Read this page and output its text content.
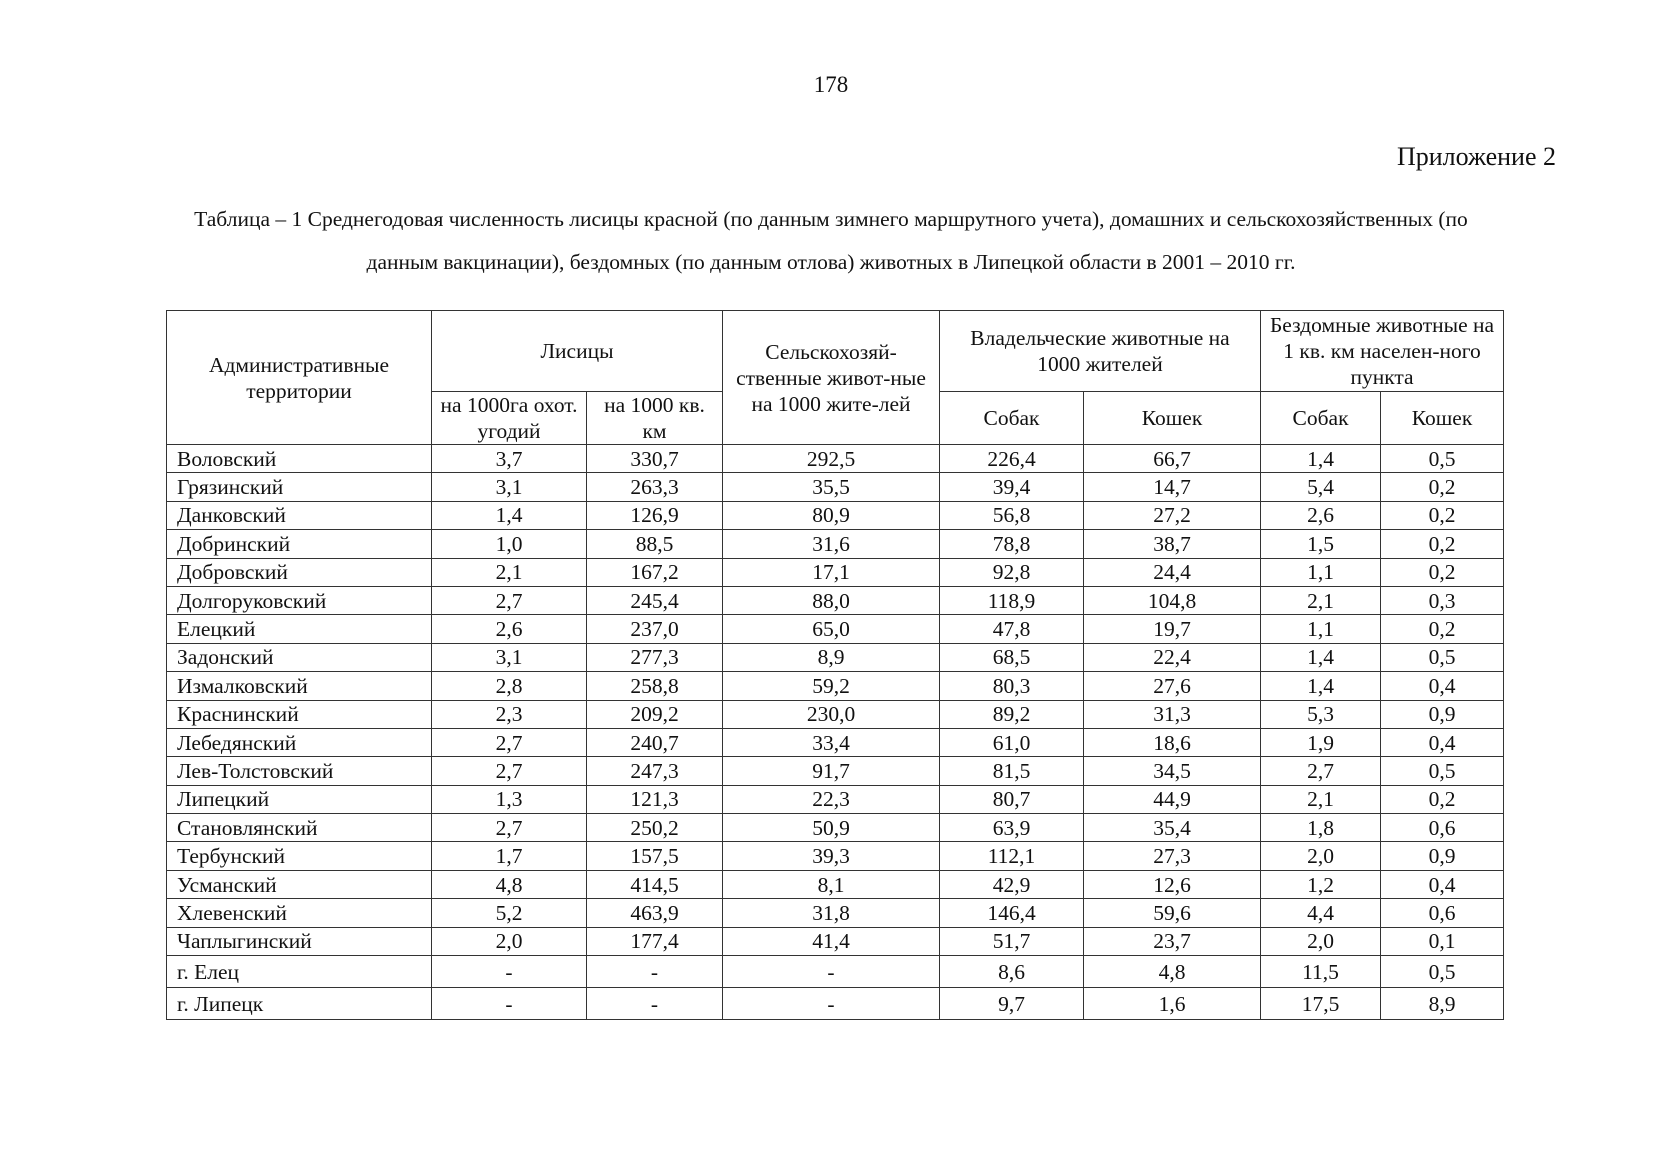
178
Приложение 2
Таблица – 1 Среднегодовая численность лисицы красной (по данным зимнего маршрутного учета), домашних и сельскохозяйственных (по
данным вакцинации), бездомных (по данным отлова) животных в Липецкой области в 2001 – 2010 гг.
Административные территории	Лисицы		Сельскохозяй-ственные живот-ные на 1000 жите-лей	Владельческие животные на 1000 жителей		Бездомные животные на 1 кв. км населен-ного пункта	
	на 1000га охот. угодий	на 1000 кв. км		Собак	Кошек	Собак	Кошек
Воловский	3,7	330,7	292,5	226,4	66,7	1,4	0,5
Грязинский	3,1	263,3	35,5	39,4	14,7	5,4	0,2
Данковский	1,4	126,9	80,9	56,8	27,2	2,6	0,2
Добринский	1,0	88,5	31,6	78,8	38,7	1,5	0,2
Добровский	2,1	167,2	17,1	92,8	24,4	1,1	0,2
Долгоруковский	2,7	245,4	88,0	118,9	104,8	2,1	0,3
Елецкий	2,6	237,0	65,0	47,8	19,7	1,1	0,2
Задонский	3,1	277,3	8,9	68,5	22,4	1,4	0,5
Измалковский	2,8	258,8	59,2	80,3	27,6	1,4	0,4
Краснинский	2,3	209,2	230,0	89,2	31,3	5,3	0,9
Лебедянский	2,7	240,7	33,4	61,0	18,6	1,9	0,4
Лев-Толстовский	2,7	247,3	91,7	81,5	34,5	2,7	0,5
Липецкий	1,3	121,3	22,3	80,7	44,9	2,1	0,2
Становлянский	2,7	250,2	50,9	63,9	35,4	1,8	0,6
Тербунский	1,7	157,5	39,3	112,1	27,3	2,0	0,9
Усманский	4,8	414,5	8,1	42,9	12,6	1,2	0,4
Хлевенский	5,2	463,9	31,8	146,4	59,6	4,4	0,6
Чаплыгинский	2,0	177,4	41,4	51,7	23,7	2,0	0,1
г. Елец	-	-	-	8,6	4,8	11,5	0,5
г. Липецк	-	-	-	9,7	1,6	17,5	8,9
